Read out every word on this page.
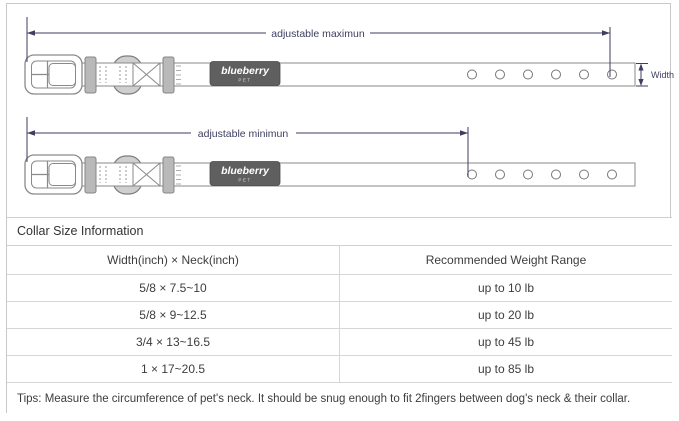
adjustable maximun
Width
adjustable minimun
Collar Size Information
Width(inch) × Neck(inch)	Recommended Weight Range
5/8 × 7.5~10	up to 10 lb
5/8 × 9~12.5	up to 20 lb
3/4 × 13~16.5	up to 45 lb
1 × 17~20.5	up to 85 lb
Tips: Measure the circumference of pet's neck. It should be snug enough to fit 2fingers between dog's neck & their collar.
